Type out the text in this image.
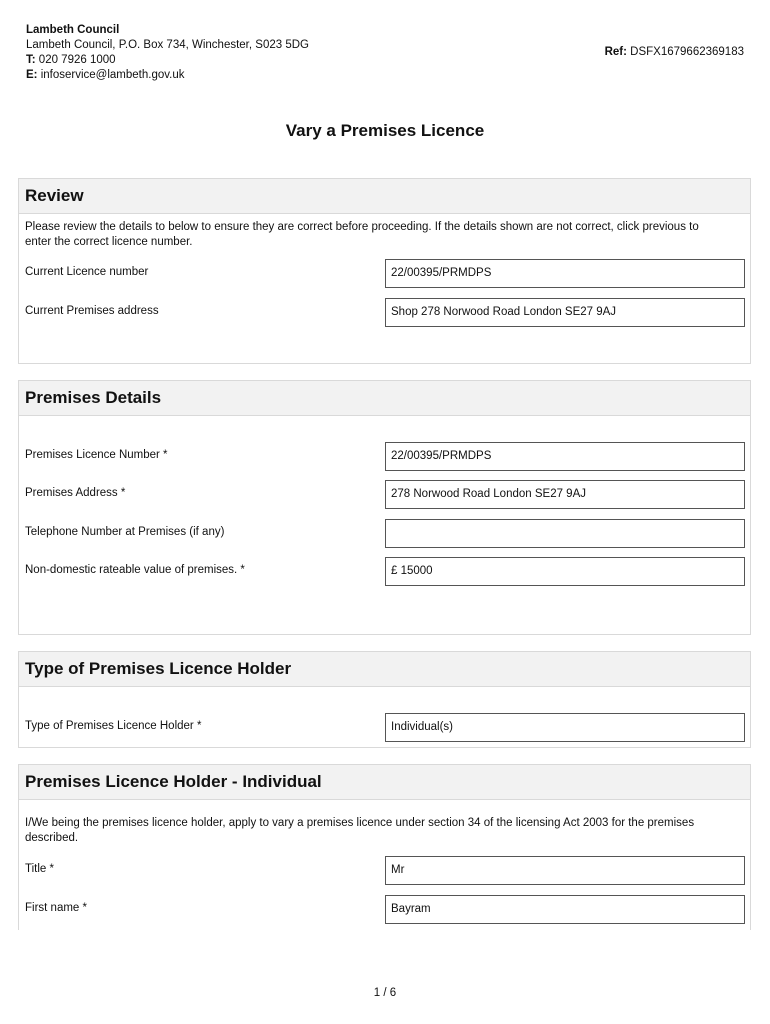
Lambeth Council
Lambeth Council, P.O. Box 734, Winchester, S023 5DG
T: 020 7926 1000
E: infoservice@lambeth.gov.uk
Ref: DSFX1679662369183
Vary a Premises Licence
Review
Please review the details to below to ensure they are correct before proceeding. If the details shown are not correct, click previous to enter the correct licence number.
Current Licence number	22/00395/PRMDPS
Current Premises address	Shop 278 Norwood Road London SE27 9AJ
Premises Details
Premises Licence Number *	22/00395/PRMDPS
Premises Address *	278 Norwood Road London SE27 9AJ
Telephone Number at Premises (if any)
Non-domestic rateable value of premises. *	£ 15000
Type of Premises Licence Holder
Type of Premises Licence Holder *	Individual(s)
Premises Licence Holder - Individual
I/We being the premises licence holder, apply to vary a premises licence under section 34 of the licensing Act 2003 for the premises described.
Title *	Mr
First name *	Bayram
1 / 6
